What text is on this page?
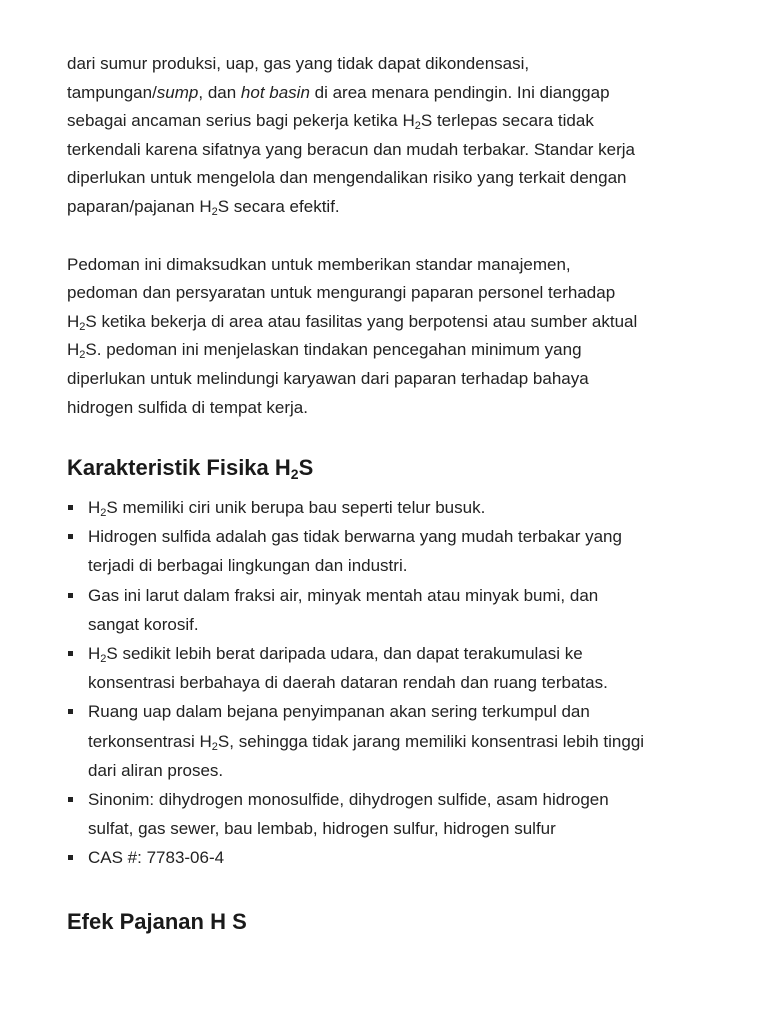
dari sumur produksi, uap, gas yang tidak dapat dikondensasi,
tampungan/sump, dan hot basin di area menara pendingin. Ini dianggap
sebagai ancaman serius bagi pekerja ketika $H_2S$ terlepas secara tidak
terkendali karena sifatnya yang beracun dan mudah terbakar. Standar kerja
diperlukan untuk mengelola dan mengendalikan risiko yang terkait dengan
paparan/pajanan $H_2S$ secara efektif.

Pedoman ini dimaksudkan untuk memberikan standar manajemen,
pedoman dan persyaratan untuk mengurangi paparan personel terhadap
$H_2S$ ketika bekerja di area atau fasilitas yang berpotensi atau sumber aktual
$H_2S$. pedoman ini menjelaskan tindakan pencegahan minimum yang
diperlukan untuk melindungi karyawan dari paparan terhadap bahaya
hidrogen sulfida di tempat kerja.

Karakteristik Fisika $H_2S$
$H_2S$ memiliki ciri unik berupa bau seperti telur busuk.
Hidrogen sulfida adalah gas tidak berwarna yang mudah terbakar yang
terjadi di berbagai lingkungan dan industri.
Gas ini larut dalam fraksi air, minyak mentah atau minyak bumi, dan
sangat korosif.
$H_2S$ sedikit lebih berat daripada udara, dan dapat terakumulasi ke
konsentrasi berbahaya di daerah dataran rendah dan ruang terbatas.
Ruang uap dalam bejana penyimpanan akan sering terkumpul dan
terkonsentrasi $H_2S$, sehingga tidak jarang memiliki konsentrasi lebih tinggi
dari aliran proses.
Sinonim: dihydrogen monosulfide, dihydrogen sulfide, asam hidrogen
sulfat, gas sewer, bau lembab, hidrogen sulfur, hidrogen sulfur
CAS #: 7783-06-4
Efek Pajanan H S
